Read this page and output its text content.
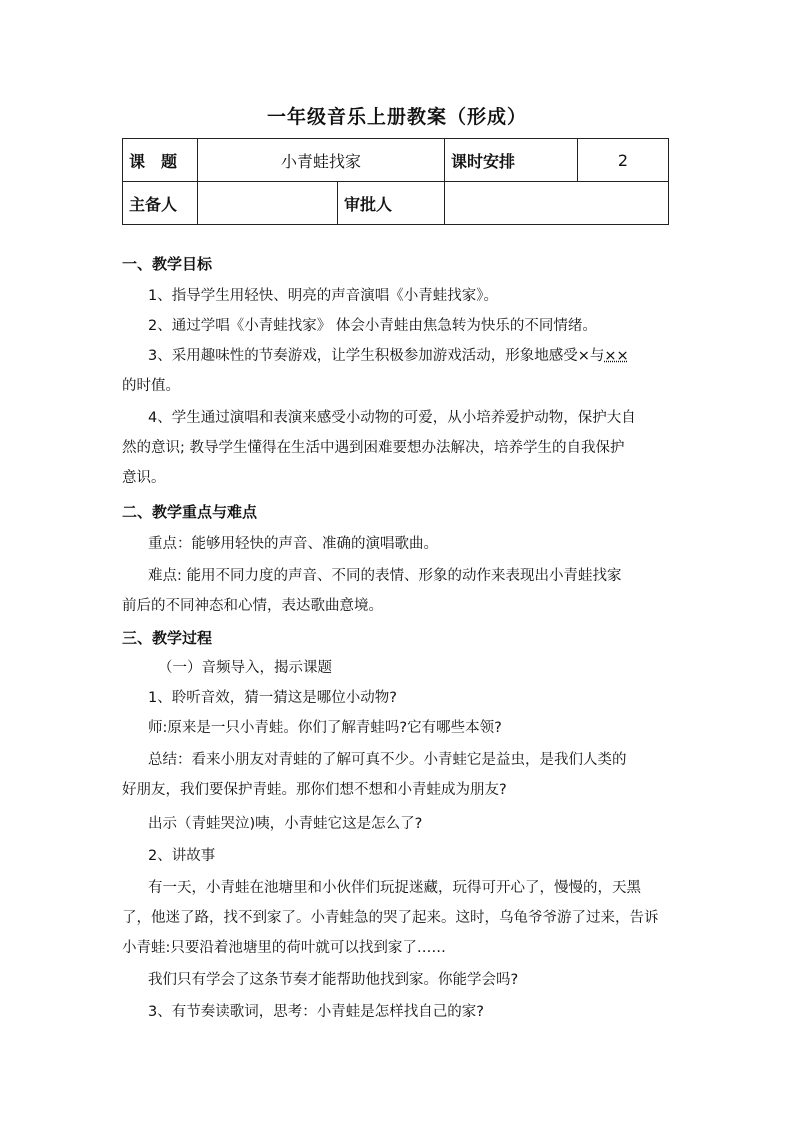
一年级音乐上册教案（形成）
课　题	小青蛙找家		课时安排	2
主备人		审批人		
一、教学目标
1、指导学生用轻快、明亮的声音演唱《小青蛙找家》。
2、通过学唱《小青蛙找家》 体会小青蛙由焦急转为快乐的不同情绪。
3、采用趣味性的节奏游戏，让学生积极参加游戏活动，形象地感受×与××
的时值。
4、学生通过演唱和表演来感受小动物的可爱，从小培养爱护动物，保护大自
然的意识; 教导学生懂得在生活中遇到困难要想办法解决，培养学生的自我保护
意识。
二、教学重点与难点
重点：能够用轻快的声音、准确的演唱歌曲。
难点: 能用不同力度的声音、不同的表情、形象的动作来表现出小青蛙找家
前后的不同神态和心情，表达歌曲意境。
三、教学过程
（一）音频导入，揭示课题
1、聆听音效，猜一猜这是哪位小动物?
师:原来是一只小青蛙。你们了解青蛙吗?它有哪些本领?
总结：看来小朋友对青蛙的了解可真不少。小青蛙它是益虫，是我们人类的
好朋友，我们要保护青蛙。那你们想不想和小青蛙成为朋友?
出示（青蛙哭泣)咦，小青蛙它这是怎么了?
2、讲故事
有一天，小青蛙在池塘里和小伙伴们玩捉迷藏，玩得可开心了，慢慢的，天黑
了，他迷了路，找不到家了。小青蛙急的哭了起来。这时，乌龟爷爷游了过来，告诉
小青蛙:只要沿着池塘里的荷叶就可以找到家了……
我们只有学会了这条节奏才能帮助他找到家。你能学会吗?
3、有节奏读歌词，思考：小青蛙是怎样找自己的家?
